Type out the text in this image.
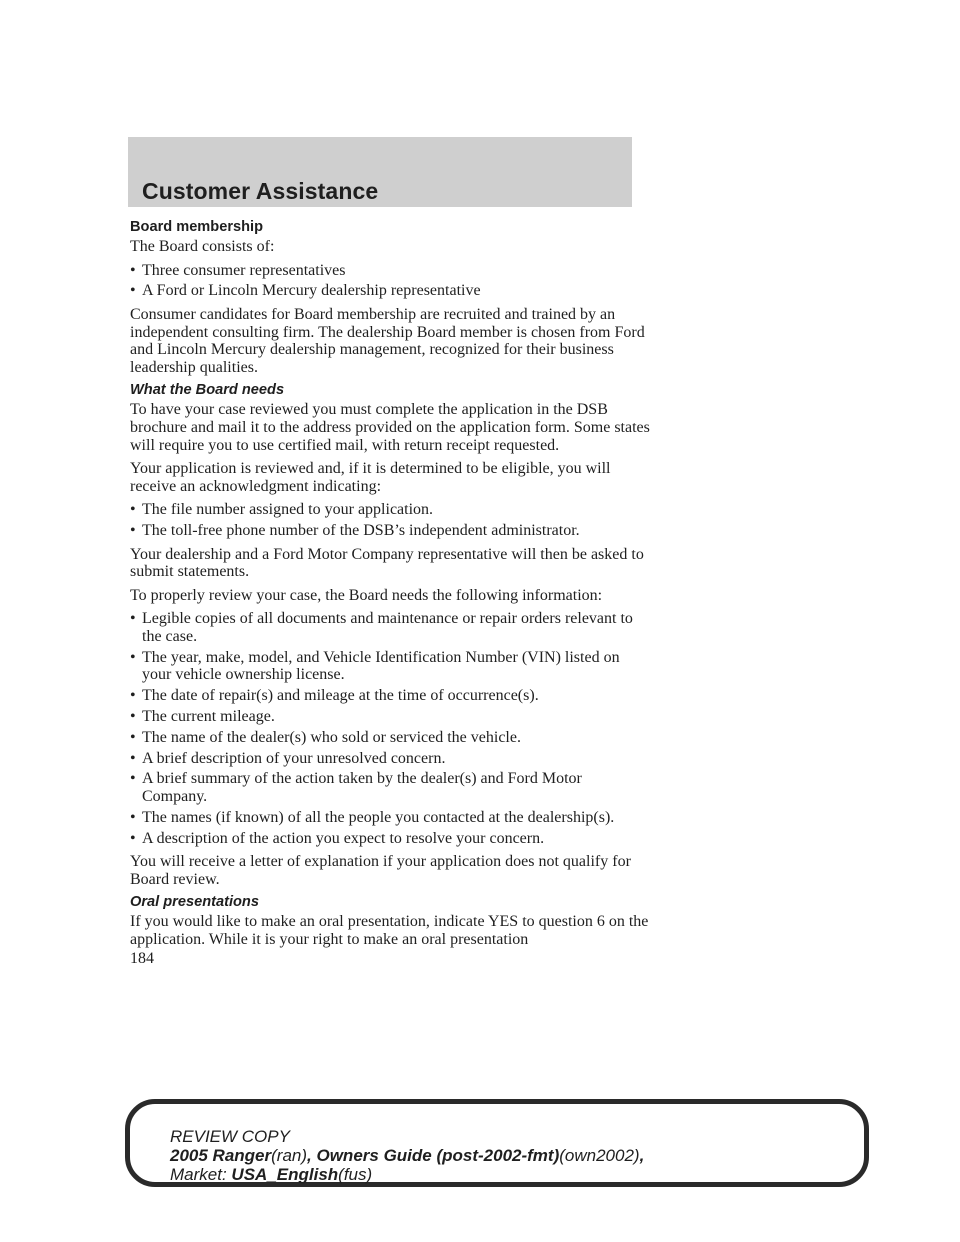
Customer Assistance
Board membership

The Board consists of:

• Three consumer representatives
• A Ford or Lincoln Mercury dealership representative

Consumer candidates for Board membership are recruited and trained by an independent consulting firm. The dealership Board member is chosen from Ford and Lincoln Mercury dealership management, recognized for their business leadership qualities.

What the Board needs

To have your case reviewed you must complete the application in the DSB brochure and mail it to the address provided on the application form. Some states will require you to use certified mail, with return receipt requested.

Your application is reviewed and, if it is determined to be eligible, you will receive an acknowledgment indicating:

• The file number assigned to your application.
• The toll-free phone number of the DSB’s independent administrator.

Your dealership and a Ford Motor Company representative will then be asked to submit statements.

To properly review your case, the Board needs the following information:

• Legible copies of all documents and maintenance or repair orders relevant to the case.
• The year, make, model, and Vehicle Identification Number (VIN) listed on your vehicle ownership license.
• The date of repair(s) and mileage at the time of occurrence(s).
• The current mileage.
• The name of the dealer(s) who sold or serviced the vehicle.
• A brief description of your unresolved concern.
• A brief summary of the action taken by the dealer(s) and Ford Motor Company.
• The names (if known) of all the people you contacted at the dealership(s).
• A description of the action you expect to resolve your concern.

You will receive a letter of explanation if your application does not qualify for Board review.

Oral presentations

If you would like to make an oral presentation, indicate YES to question 6 on the application. While it is your right to make an oral presentation

184
REVIEW COPY
2005 Ranger(ran), Owners Guide (post-2002-fmt)(own2002),
Market: USA_English(fus)
